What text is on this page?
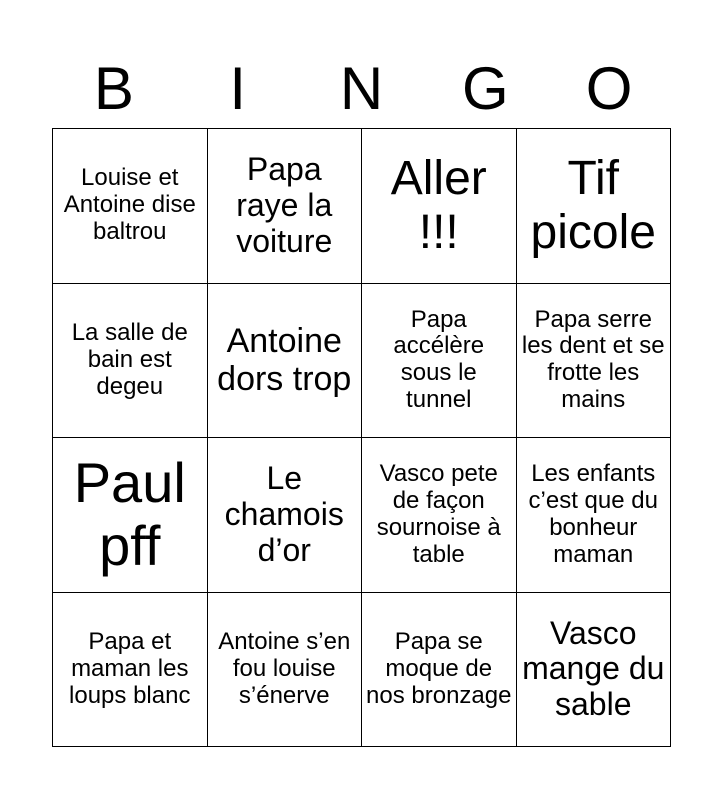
B	I	N	G	O
Louise et Antoine dise baltrou
Papa raye la voiture
Aller !!!
Tif picole
La salle de bain est degeu
Antoine dors trop
Papa accélère sous le tunnel
Papa serre les dent et se frotte les mains
Paul pff
Le chamois d’or
Vasco pete de façon sournoise à table
Les enfants c’est que du bonheur maman
Papa et maman les loups blanc
Antoine s’en fou louise s’énerve
Papa se moque de nos bronzage
Vasco mange du sable
